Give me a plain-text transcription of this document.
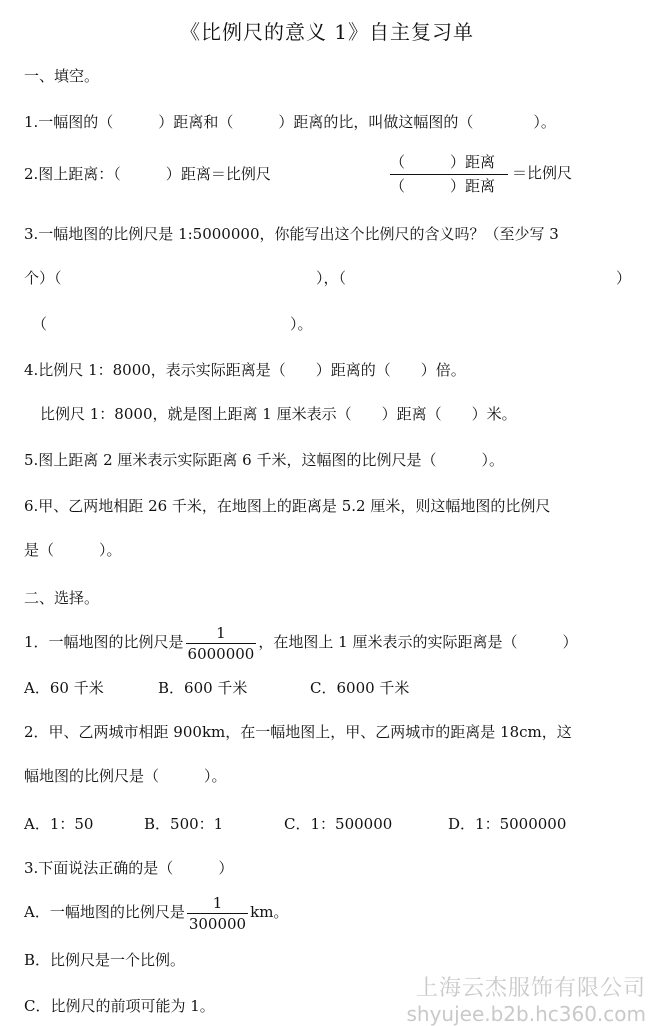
《比例尺的意义 1》自主复习单
一、填空。
1.一幅图的（　　　）距离和（　　　）距离的比，叫做这幅图的（　　　　）。
2.图上距离：（　　　）距离＝比例尺
（　　　）距离
（　　　）距离
＝比例尺
3.一幅地图的比例尺是 1:5000000，你能写出这个比例尺的含义吗？（至少写 3
个）（	），（	）
（	）。
4.比例尺 1：8000，表示实际距离是（　　）距离的（　　）倍。
比例尺 1：8000，就是图上距离 1 厘米表示（　　）距离（　　）米。
5.图上距离 2 厘米表示实际距离 6 千米，这幅图的比例尺是（　　　）。
6.甲、乙两地相距 26 千米，在地图上的距离是 5.2 厘米，则这幅地图的比例尺
是（　　　）。
二、选择。
1．一幅地图的比例尺是 $\frac{1}{6000000}$ ，在地图上 1 厘米表示的实际距离是（　　　）
A．60 千米	B．600 千米	C．6000 千米
2．甲、乙两城市相距 900km，在一幅地图上，甲、乙两城市的距离是 18cm，这
幅地图的比例尺是（　　　）。
A．1：50	B．500：1	C．1：500000	D．1：5000000
3.下面说法正确的是（　　　）
A．一幅地图的比例尺是 $\frac{1}{300000}$ km。
B．比例尺是一个比例。
C．比例尺的前项可能为 1。
上海云杰服饰有限公司
shyujee.b2b.hc360.com
